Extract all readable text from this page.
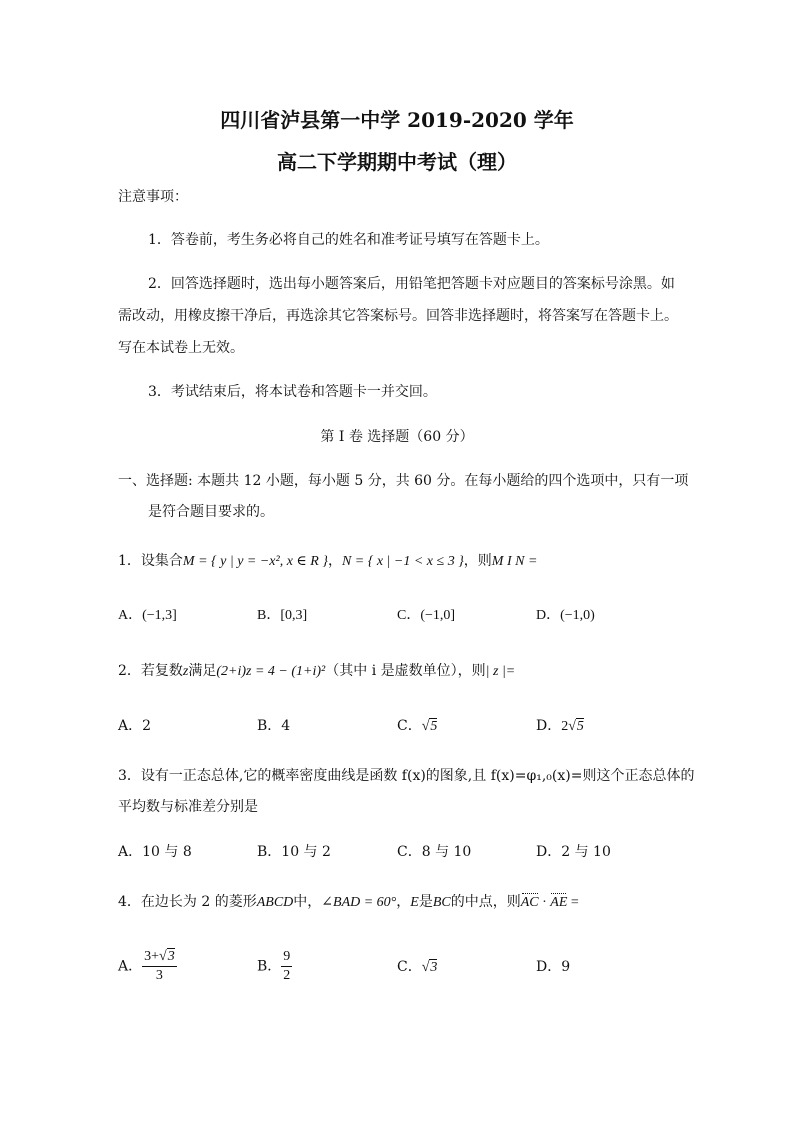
四川省泸县第一中学 2019-2020 学年
高二下学期期中考试（理）
注意事项：
1．答卷前，考生务必将自己的姓名和准考证号填写在答题卡上。
2．回答选择题时，选出每小题答案后，用铅笔把答题卡对应题目的答案标号涂黑。如
需改动，用橡皮擦干净后，再选涂其它答案标号。回答非选择题时，将答案写在答题卡上。
写在本试卷上无效。
3．考试结束后，将本试卷和答题卡一并交回。
第 I 卷 选择题（60 分）
一、选择题: 本题共 12 小题，每小题 5 分，共 60 分。在每小题给的四个选项中，只有一项
是符合题目要求的。
1．设集合M = { y | y = −x², x ∈ R }，N = { x | −1 < x ≤ 3 }，则M I N =
A．(−1,3]	B．[0,3]	C．(−1,0]	D．(−1,0)
2．若复数z满足(2+i)z = 4 − (1+i)²（其中 i 是虚数单位），则| z |=
A．2	B．4	C．√5	D．2√5
3．设有一正态总体,它的概率密度曲线是函数 f(x)的图象,且 f(x)=φ₁,₀(x)=则这个正态总体的
平均数与标准差分别是
A．10 与 8	B．10 与 2	C．8 与 10	D．2 与 10
4．在边长为 2 的菱形ABCD中，∠BAD = 60°，E是BC的中点，则AC · AE =
A． $\frac{3+√3}{3}$	B． $\frac{9}{2}$	C．√3	D．9
